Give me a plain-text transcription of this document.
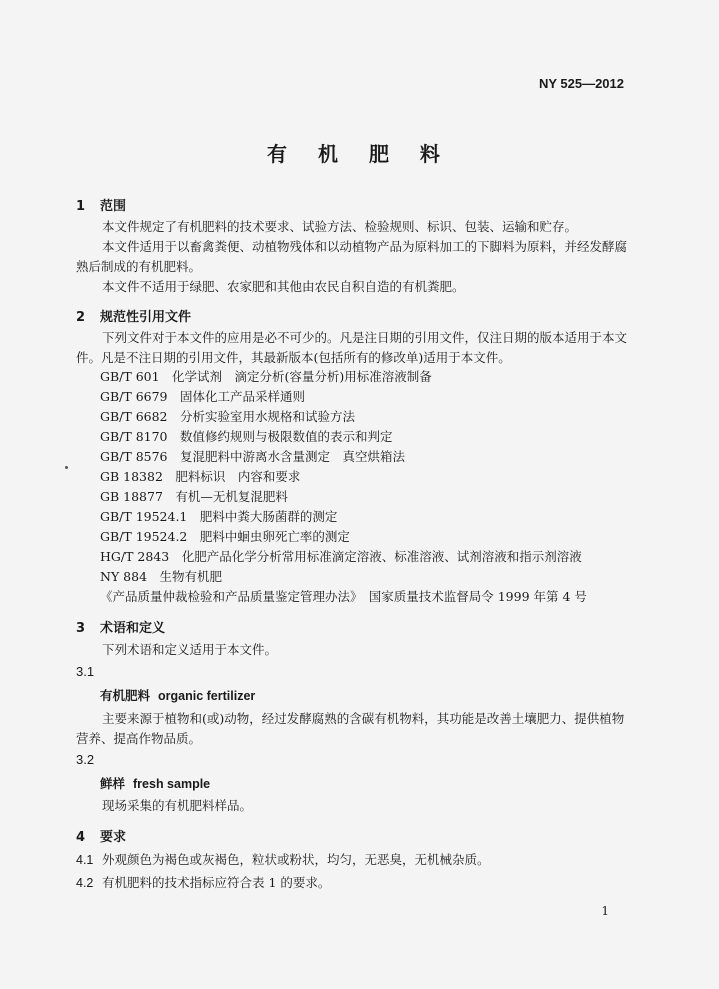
NY 525—2012
有 机 肥 料
1 范围
本文件规定了有机肥料的技术要求、试验方法、检验规则、标识、包装、运输和贮存。
本文件适用于以畜禽粪便、动植物残体和以动植物产品为原料加工的下脚料为原料，并经发酵腐熟后制成的有机肥料。
本文件不适用于绿肥、农家肥和其他由农民自积自造的有机粪肥。
2 规范性引用文件
下列文件对于本文件的应用是必不可少的。凡是注日期的引用文件，仅注日期的版本适用于本文件。凡是不注日期的引用文件，其最新版本(包括所有的修改单)适用于本文件。
GB/T 601　化学试剂　滴定分析(容量分析)用标准溶液制备
GB/T 6679　固体化工产品采样通则
GB/T 6682　分析实验室用水规格和试验方法
GB/T 8170　数值修约规则与极限数值的表示和判定
GB/T 8576　复混肥料中游离水含量测定　真空烘箱法
GB 18382　肥料标识　内容和要求
GB 18877　有机—无机复混肥料
GB/T 19524.1　肥料中粪大肠菌群的测定
GB/T 19524.2　肥料中蛔虫卵死亡率的测定
HG/T 2843　化肥产品化学分析常用标准滴定溶液、标准溶液、试剂溶液和指示剂溶液
NY 884　生物有机肥
《产品质量仲裁检验和产品质量鉴定管理办法》　国家质量技术监督局令 1999 年第 4 号
3 术语和定义
下列术语和定义适用于本文件。
3.1
有机肥料 organic fertilizer
主要来源于植物和(或)动物，经过发酵腐熟的含碳有机物料，其功能是改善土壤肥力、提供植物营养、提高作物品质。
3.2
鲜样 fresh sample
现场采集的有机肥料样品。
4 要求
4.1 外观颜色为褐色或灰褐色，粒状或粉状，均匀，无恶臭，无机械杂质。
4.2 有机肥料的技术指标应符合表 1 的要求。
1
